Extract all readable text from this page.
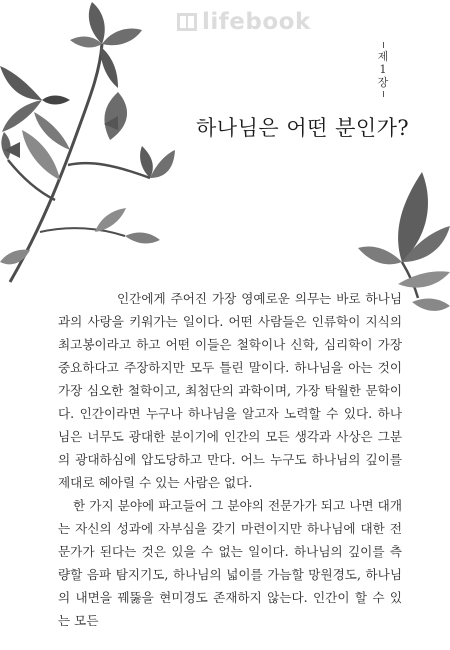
lifebook
제
1
장
하나님은 어떤 분인가?

인간에게 주어진 가장 영예로운 의무는 바로 하나님과의 사랑을 키워가는 일이다. 어떤 사람들은 인류학이 지식의 최고봉이라고 하고 어떤 이들은 철학이나 신학, 심리학이 가장 중요하다고 주장하지만 모두 틀린 말이다. 하나님을 아는 것이 가장 심오한 철학이고, 최첨단의 과학이며, 가장 탁월한 문학이다. 인간이라면 누구나 하나님을 알고자 노력할 수 있다. 하나님은 너무도 광대한 분이기에 인간의 모든 생각과 사상은 그분의 광대하심에 압도당하고 만다. 어느 누구도 하나님의 깊이를 제대로 헤아릴 수 있는 사람은 없다.

한 가지 분야에 파고들어 그 분야의 전문가가 되고 나면 대개는 자신의 성과에 자부심을 갖기 마련이지만 하나님에 대한 전문가가 된다는 것은 있을 수 없는 일이다. 하나님의 깊이를 측량할 음파 탐지기도, 하나님의 넓이를 가늠할 망원경도, 하나님의 내면을 꿰뚫을 현미경도 존재하지 않는다. 인간이 할 수 있는 모든
